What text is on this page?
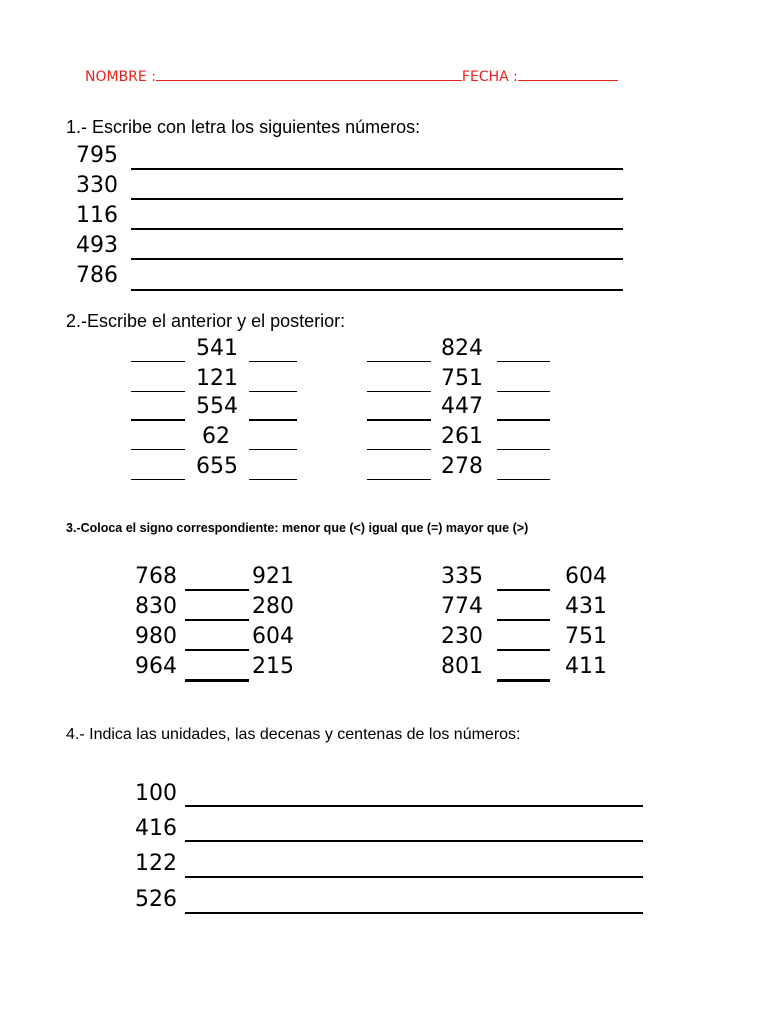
NOMBRE :	FECHA :
1.- Escribe con letra los siguientes números:
795
330
116
493
786
2.-Escribe el anterior y el posterior:
541	824
121	751
554	447
62	261
655	278
3.-Coloca el signo correspondiente: menor que (<) igual que (=) mayor que (>)
768	921	335	604
830	280	774	431
980	604	230	751
964	215	801	411
4.- Indica las unidades, las decenas y centenas de los números:
100
416
122
526
